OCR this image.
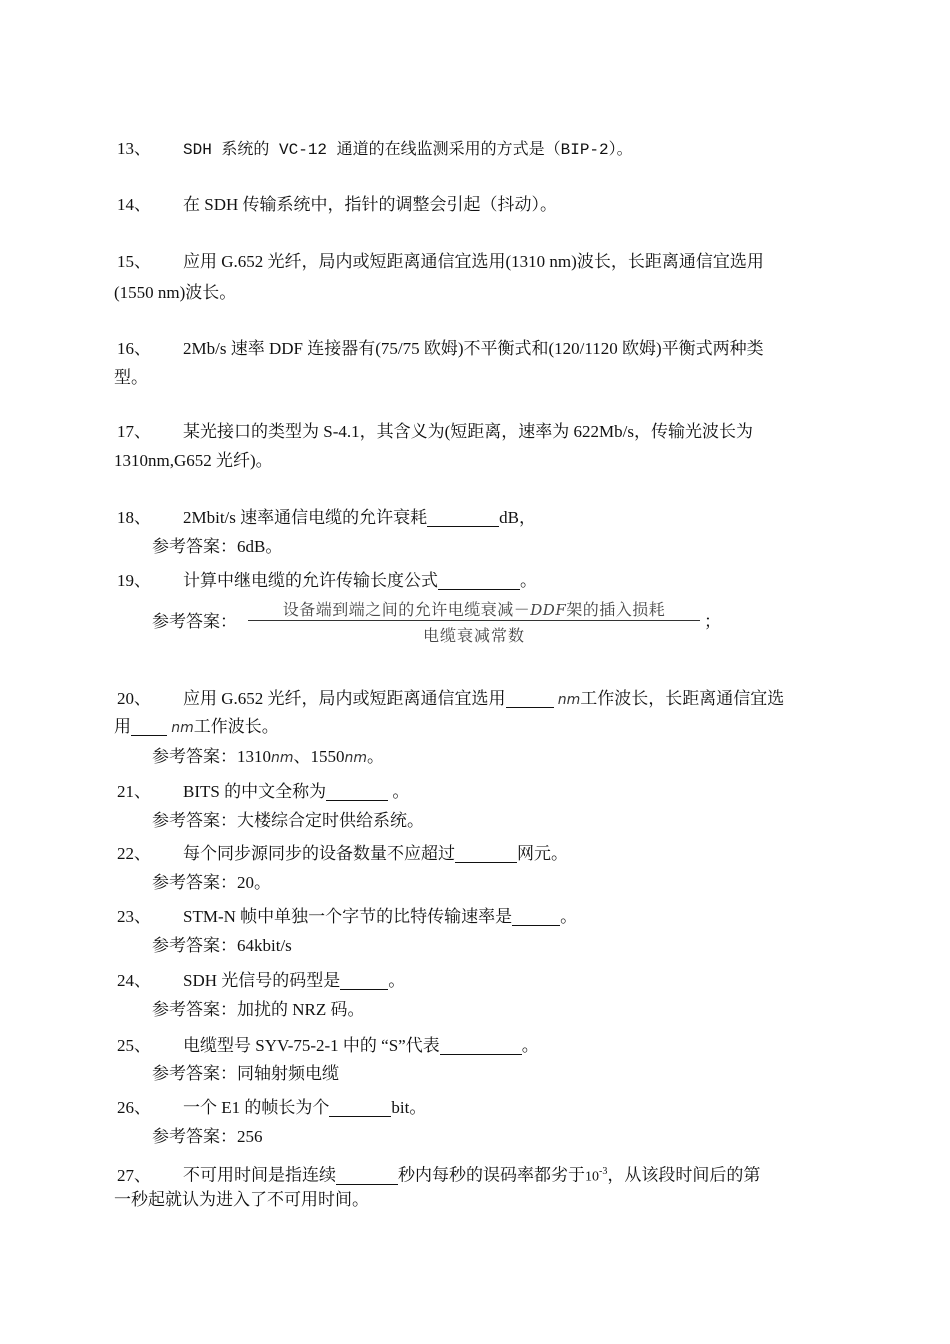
13、 SDH 系统的 VC-12 通道的在线监测采用的方式是（BIP-2）。
14、 在 SDH 传输系统中，指针的调整会引起（抖动）。
15、 应用 G.652 光纤，局内或短距离通信宜选用(1310 nm)波长，长距离通信宜选用
(1550 nm)波长。
16、 2Mb/s 速率 DDF 连接器有(75/75 欧姆)不平衡式和(120/1120 欧姆)平衡式两种类
型。
17、 某光接口的类型为 S-4.1，其含义为(短距离，速率为 622Mb/s，传输光波长为
1310nm,G652 光纤)。
18、 2Mbit/s 速率通信电缆的允许衰耗	dB，
参考答案：6dB。
19、 计算中继电缆的允许传输长度公式	。
参考答案：
设备端到端之间的允许电缆衰减－DDF架的插入损耗
电缆衰减常数
；
20、 应用 G.652 光纤，局内或短距离通信宜选用	nm工作波长，长距离通信宜选
用	nm工作波长。
参考答案：1310nm、1550nm。
21、 BITS 的中文全称为	。
参考答案：大楼综合定时供给系统。
22、 每个同步源同步的设备数量不应超过	网元。
参考答案：20。
23、 STM-N 帧中单独一个字节的比特传输速率是	。
参考答案：64kbit/s
24、 SDH 光信号的码型是	。
参考答案：加扰的 NRZ 码。
25、 电缆型号 SYV-75-2-1 中的 “S”代表	。
参考答案：同轴射频电缆
26、 一个 E1 的帧长为个	bit。
参考答案：256
27、 不可用时间是指连续	秒内每秒的误码率都劣于$10^{-3}$，从该段时间后的第
一秒起就认为进入了不可用时间。
